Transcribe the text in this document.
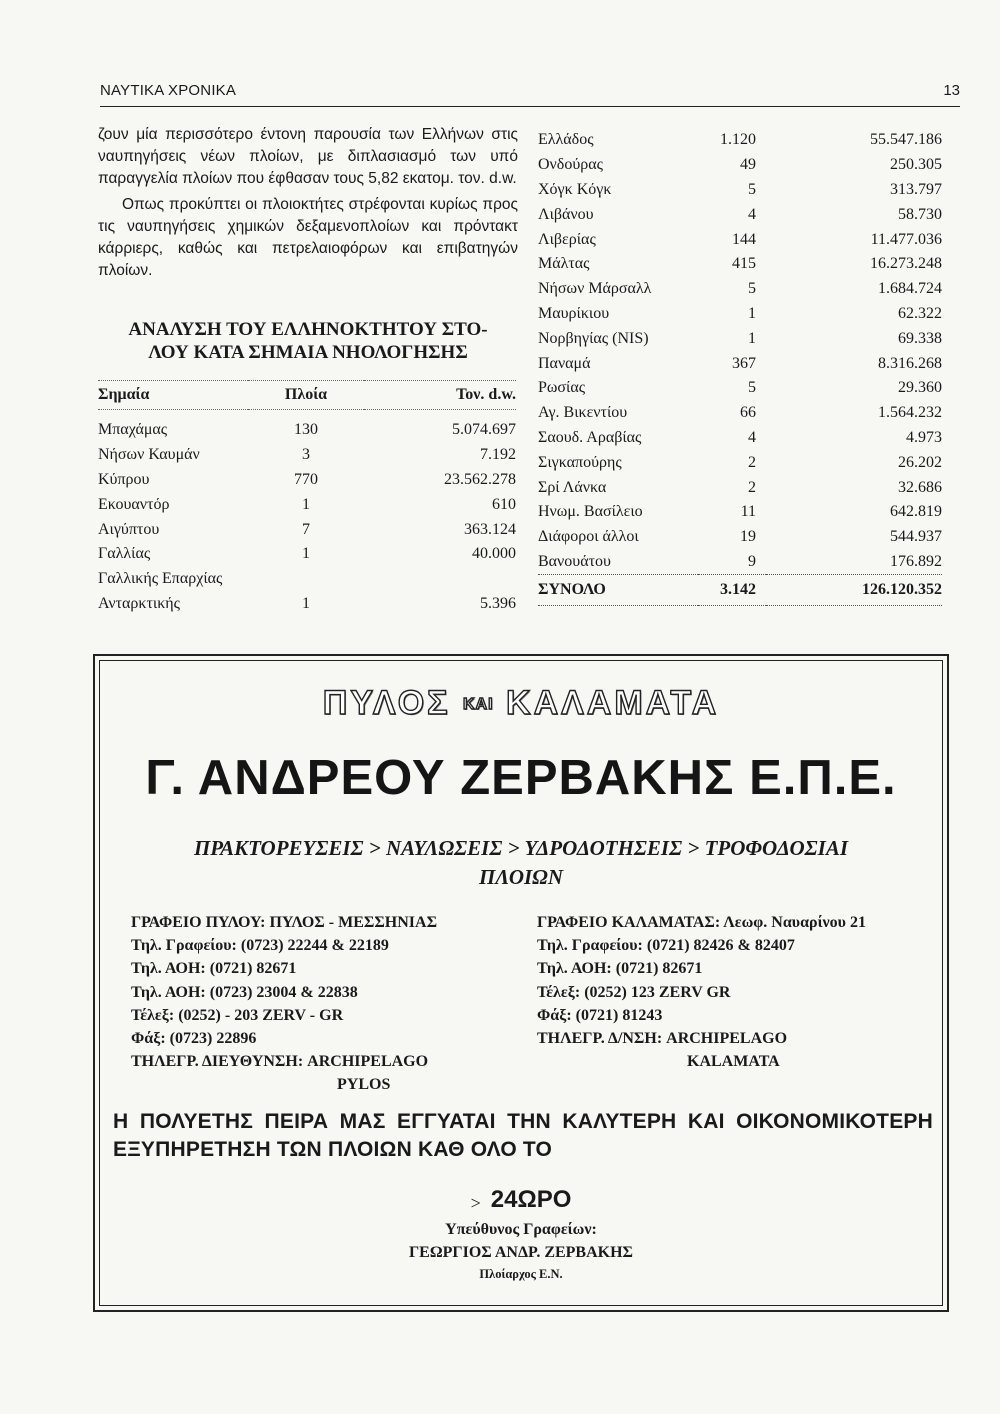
ΝΑΥΤΙΚΑ ΧΡΟΝΙΚΑ	13

ζουν μία περισσότερο έντονη παρουσία των Ελλήνων στις ναυπηγήσεις νέων πλοίων, με διπλασιασμό των υπό παραγγελία πλοίων που έφθασαν τους 5,82 εκατομ. τον. d.w.

Οπως προκύπτει οι πλοιοκτήτες στρέφονται κυρίως προς τις ναυπηγήσεις χημικών δεξαμενοπλοίων και πρόντακτ κάρριερς, καθώς και πετρελαιοφόρων και επιβατηγών πλοίων.

ΑΝΑΛΥΣΗ ΤΟΥ ΕΛΛΗΝΟΚΤΗΤΟΥ ΣΤΟ-
ΛΟΥ ΚΑΤΑ ΣΗΜΑΙΑ ΝΗΟΛΟΓΗΣΗΣ
Σημαία	Πλοία	Τον. d.w.

Μπαχάμας	130	5.074.697
Νήσων Καυμάν	3	7.192
Κύπρου	770	23.562.278
Εκουαντόρ	1	610
Αιγύπτου	7	363.124
Γαλλίας	1	40.000
Γαλλικής Επαρχίας		
Ανταρκτικής	1	5.396
Ελλάδος	1.120	55.547.186
Ονδούρας	49	250.305
Χόγκ Κόγκ	5	313.797
Λιβάνου	4	58.730
Λιβερίας	144	11.477.036
Μάλτας	415	16.273.248
Νήσων Μάρσαλλ	5	1.684.724
Μαυρίκιου	1	62.322
Νορβηγίας (NIS)	1	69.338
Παναμά	367	8.316.268
Ρωσίας	5	29.360
Αγ. Βικεντίου	66	1.564.232
Σαουδ. Αραβίας	4	4.973
Σιγκαπούρης	2	26.202
Σρί Λάνκα	2	32.686
Ηνωμ. Βασίλειο	11	642.819
Διάφοροι άλλοι	19	544.937
Βανουάτου	9	176.892
ΣΥΝΟΛΟ	3.142	126.120.352
ΠΥΛΟΣ ΚΑΙ ΚΑΛΑΜΑΤΑ
Γ. ΑΝΔΡΕΟΥ ΖΕΡΒΑΚΗΣ Ε.Π.Ε.
ΠΡΑΚΤΟΡΕΥΣΕΙΣ > ΝΑΥΛΩΣΕΙΣ > ΥΔΡΟΔΟΤΗΣΕΙΣ > ΤΡΟΦΟΔΟΣΙΑΙ
ΠΛΟΙΩΝ
ΓΡΑΦΕΙΟ ΠΥΛΟΥ: ΠΥΛΟΣ - ΜΕΣΣΗΝΙΑΣ
Τηλ. Γραφείου: (0723) 22244 & 22189
Τηλ. ΑΟΗ: (0721) 82671
Τηλ. ΑΟΗ: (0723) 23004 & 22838
Τέλεξ: (0252) - 203 ZERV - GR
Φάξ: (0723) 22896
ΤΗΛΕΓΡ. ΔΙΕΥΘΥΝΣΗ: ARCHIPELAGO
PYLOS
ΓΡΑΦΕΙΟ ΚΑΛΑΜΑΤΑΣ: Λεωφ. Ναυαρίνου 21
Τηλ. Γραφείου: (0721) 82426 & 82407
Τηλ. ΑΟΗ: (0721) 82671
Τέλεξ: (0252) 123 ZERV GR
Φάξ: (0721) 81243
ΤΗΛΕΓΡ. Δ/ΝΣΗ: ARCHIPELAGO
KALAMATA
Η ΠΟΛΥΕΤΗΣ ΠΕΙΡΑ ΜΑΣ ΕΓΓΥΑΤΑΙ ΤΗΝ ΚΑΛΥΤΕΡΗ ΚΑΙ ΟΙΚΟΝΟΜΙΚΟΤΕΡΗ ΕΞΥΠΗΡΕΤΗΣΗ ΤΩΝ ΠΛΟΙΩΝ ΚΑΘ ΟΛΟ ΤΟ
> 24ΩΡΟ
Υπεύθυνος Γραφείων:
ΓΕΩΡΓΙΟΣ ΑΝΔΡ. ΖΕΡΒΑΚΗΣ
Πλοίαρχος Ε.Ν.
